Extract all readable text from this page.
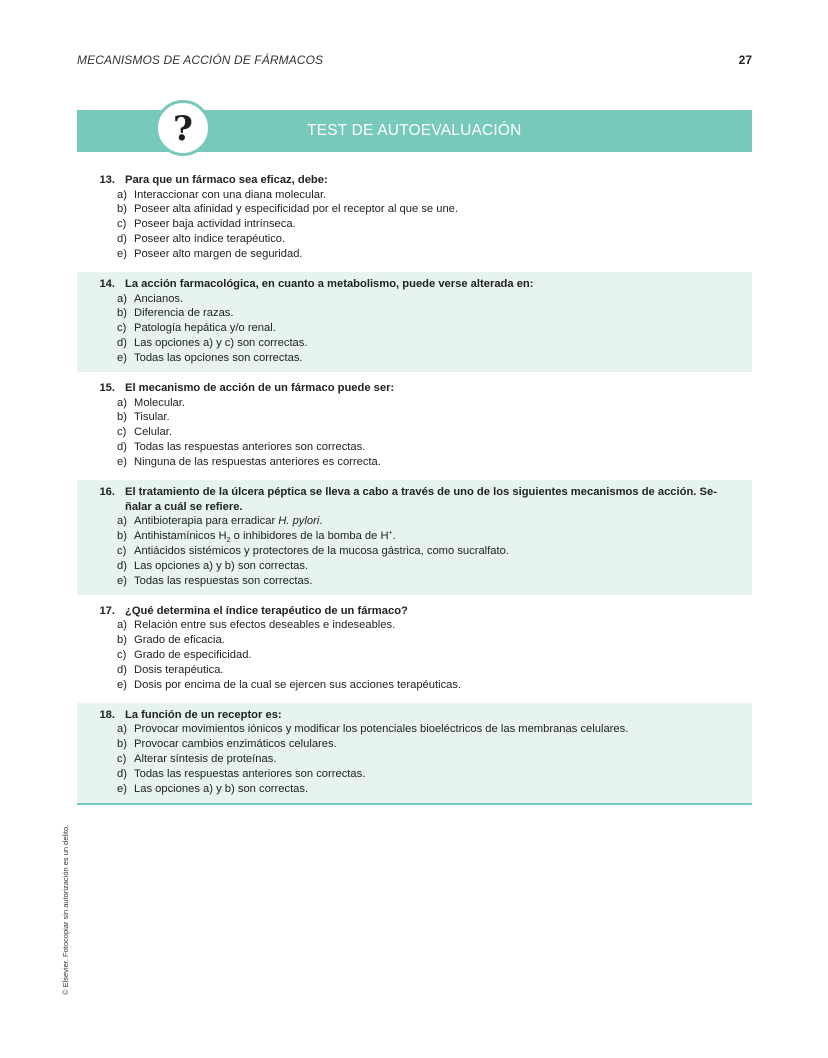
MECANISMOS DE ACCIÓN DE FÁRMACOS	27
TEST DE AUTOEVALUACIÓN
?
13. Para que un fármaco sea eficaz, debe:
a) Interaccionar con una diana molecular.
b) Poseer alta afinidad y especificidad por el receptor al que se une.
c) Poseer baja actividad intrínseca.
d) Poseer alto índice terapéutico.
e) Poseer alto margen de seguridad.
14. La acción farmacológica, en cuanto a metabolismo, puede verse alterada en:
a) Ancianos.
b) Diferencia de razas.
c) Patología hepática y/o renal.
d) Las opciones a) y c) son correctas.
e) Todas las opciones son correctas.
15. El mecanismo de acción de un fármaco puede ser:
a) Molecular.
b) Tisular.
c) Celular.
d) Todas las respuestas anteriores son correctas.
e) Ninguna de las respuestas anteriores es correcta.
16. El tratamiento de la úlcera péptica se lleva a cabo a través de uno de los siguientes mecanismos de acción. Se-
ñalar a cuál se refiere.
a) Antibioterapia para erradicar H. pylori.
b) Antihistamínicos $H_2$ o inhibidores de la bomba de H+.
c) Antiácidos sistémicos y protectores de la mucosa gástrica, como sucralfato.
d) Las opciones a) y b) son correctas.
e) Todas las respuestas son correctas.
17. ¿Qué determina el índice terapéutico de un fármaco?
a) Relación entre sus efectos deseables e indeseables.
b) Grado de eficacia.
c) Grado de especificidad.
d) Dosis terapéutica.
e) Dosis por encima de la cual se ejercen sus acciones terapéuticas.
18. La función de un receptor es:
a) Provocar movimientos iónicos y modificar los potenciales bioeléctricos de las membranas celulares.
b) Provocar cambios enzimáticos celulares.
c) Alterar síntesis de proteínas.
d) Todas las respuestas anteriores son correctas.
e) Las opciones a) y b) son correctas.
© Elsevier. Fotocopiar sin autorización es un delito.
